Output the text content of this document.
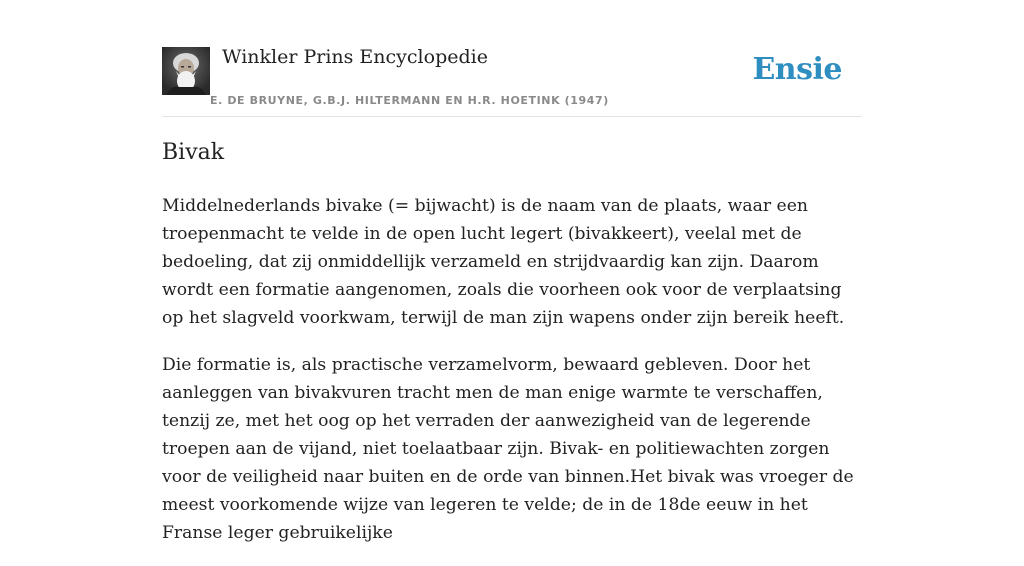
Winkler Prins Encyclopedie
E. DE BRUYNE, G.B.J. HILTERMANN EN H.R. HOETINK (1947)
Ensie
Bivak

Middelnederlands bivake (= bijwacht) is de naam van de plaats, waar een troepenmacht te velde in de open lucht legert (bivakkeert), veelal met de bedoeling, dat zij onmiddellijk verzameld en strijdvaardig kan zijn. Daarom wordt een formatie aangenomen, zoals die voorheen ook voor de verplaatsing op het slagveld voorkwam, terwijl de man zijn wapens onder zijn bereik heeft.

Die formatie is, als practische verzamelvorm, bewaard gebleven. Door het aanleggen van bivakvuren tracht men de man enige warmte te verschaffen, tenzij ze, met het oog op het verraden der aanwezigheid van de legerende troepen aan de vijand, niet toelaatbaar zijn. Bivak- en politiewachten zorgen voor de veiligheid naar buiten en de orde van binnen.Het bivak was vroeger de meest voorkomende wijze van legeren te velde; de in de 18de eeuw in het Franse leger gebruikelijke
